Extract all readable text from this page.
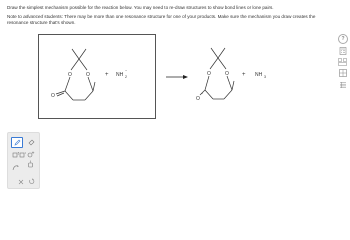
Draw the simplest mechanism possible for the reaction below. You may need to re-draw structures to show bond lines or lone pairs.
Note to advanced students: There may be more than one resonance structure for one of your products. Make sure the mechanism you draw creates the resonance structure that's shown.
O	O
O
+ NH 2
− →	O	O
O
−
+ NH 3
?
